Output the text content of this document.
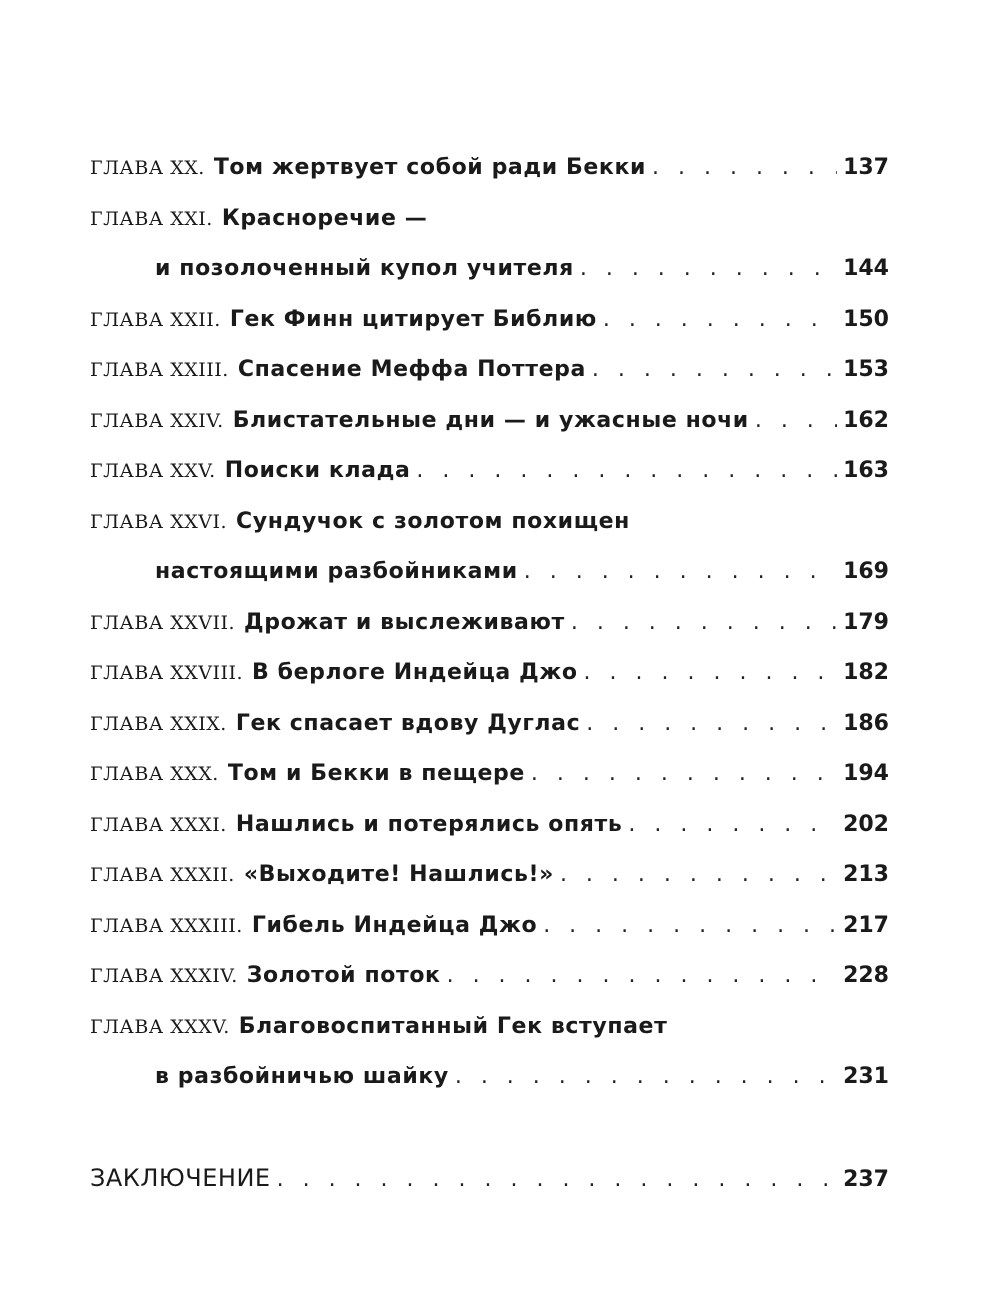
ГЛАВА XX. Том жертвует собой ради Бекки . . .	137
ГЛАВА XXI. Красноречие —
и позолоченный купол учителя . . .	144
ГЛАВА XXII. Гек Финн цитирует Библию . . .	150
ГЛАВА XXIII. Спасение Меффа Поттера . . .	153
ГЛАВА XXIV. Блистательные дни — и ужасные ночи . . .	162
ГЛАВА XXV. Поиски клада . . .	163
ГЛАВА XXVI. Сундучок с золотом похищен
настоящими разбойниками . . .	169
ГЛАВА XXVII. Дрожат и выслеживают . . .	179
ГЛАВА XXVIII. В берлоге Индейца Джо . . .	182
ГЛАВА XXIX. Гек спасает вдову Дуглас . . .	186
ГЛАВА XXX. Том и Бекки в пещере . . .	194
ГЛАВА XXXI. Нашлись и потерялись опять . . .	202
ГЛАВА XXXII. «Выходите! Нашлись!» . . .	213
ГЛАВА XXXIII. Гибель Индейца Джо . . .	217
ГЛАВА XXXIV. Золотой поток . . .	228
ГЛАВА XXXV. Благовоспитанный Гек вступает
в разбойничью шайку . . .	231
ЗАКЛЮЧЕНИЕ . . .	237
